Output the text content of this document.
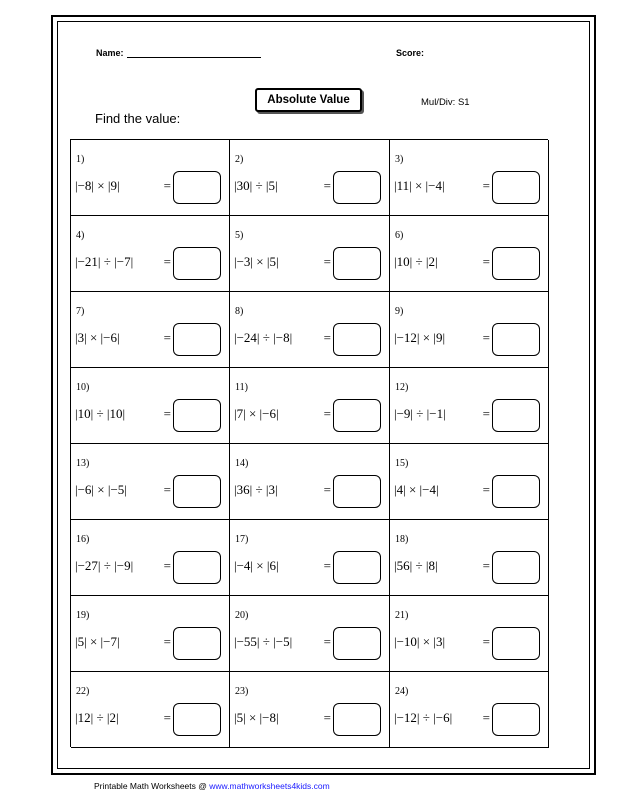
Name:	Score:
Absolute Value	Mul/Div: S1
Find the value:
1)
|−8| × |9|	=
2)
|30| ÷ |5|	=
3)
|11| × |−4|	=
4)
|−21| ÷ |−7| =
5)
|−3| × |5|	=
6)
|10| ÷ |2|	=
7)
|3| × |−6|	=
8)
|−24| ÷ |−8| =
9)
|−12| × |9|	=
10)
|10| ÷ |10|	=
11)
|7| × |−6|	=
12)
|−9| ÷ |−1|	=
13)
|−6| × |−5|	=
14)
|36| ÷ |3|	=
15)
|4| × |−4|	=
16)
|−27| ÷ |−9| =
17)
|−4| × |6|	=
18)
|56| ÷ |8|	=
19)
|5| × |−7|	=
20)
|−55| ÷ |−5| =
21)
|−10| × |3|	=
22)
|12| ÷ |2|	=
23)
|5| × |−8|	=
24)
|−12| ÷ |−6| =
Printable Math Worksheets @ www.mathworksheets4kids.com
